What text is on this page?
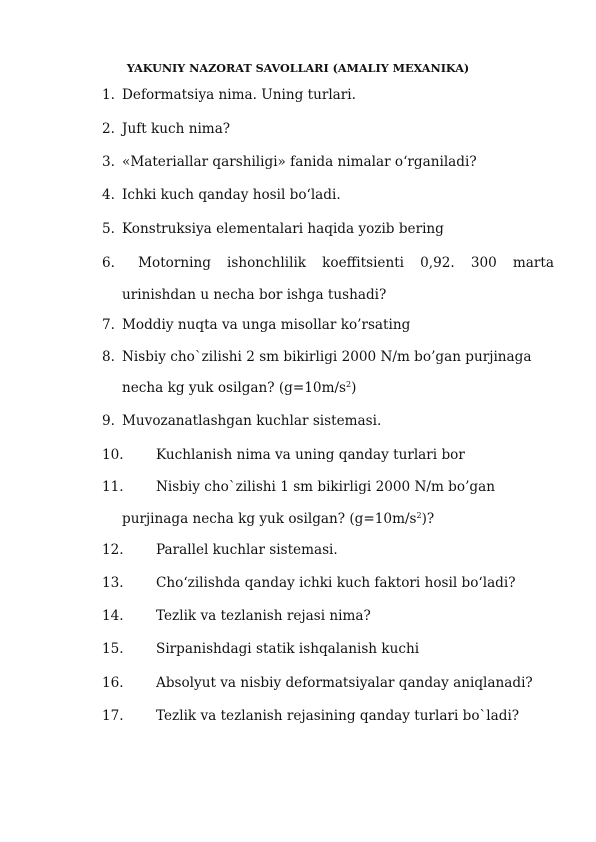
YAKUNIY NAZORAT SAVOLLARI (AMALIY MEXANIKA)
1. Deformatsiya nima. Uning turlari.
2. Juft kuch nima?
3. «Materiallar qarshiligi» fanida nimalar o‘rganiladi?
4. Ichki kuch qanday hosil bo‘ladi.
5. Konstruksiya elementalari haqida yozib bering
6. Motorning ishonchlilik koeffitsienti 0,92. 300 marta
urinishdan u necha bor ishga tushadi?
7. Moddiy nuqta va unga misollar ko’rsating
8. Nisbiy cho`zilishi 2 sm bikirligi 2000 N/m bo’gan purjinaga
necha kg yuk osilgan? $(g=10m/s^2)$
9. Muvozanatlashgan kuchlar sistemasi.
10. Kuchlanish nima va uning qanday turlari bor
11. Nisbiy cho`zilishi 1 sm bikirligi 2000 N/m bo’gan
purjinaga necha kg yuk osilgan? $(g=10m/s^2)$?
12. Parallel kuchlar sistemasi.
13. Cho‘zilishda qanday ichki kuch faktori hosil bo‘ladi?
14. Tezlik va tezlanish rejasi nima?
15. Sirpanishdagi statik ishqalanish kuchi
16. Absolyut va nisbiy deformatsiyalar qanday aniqlanadi?
17. Tezlik va tezlanish rejasining qanday turlari bo`ladi?
